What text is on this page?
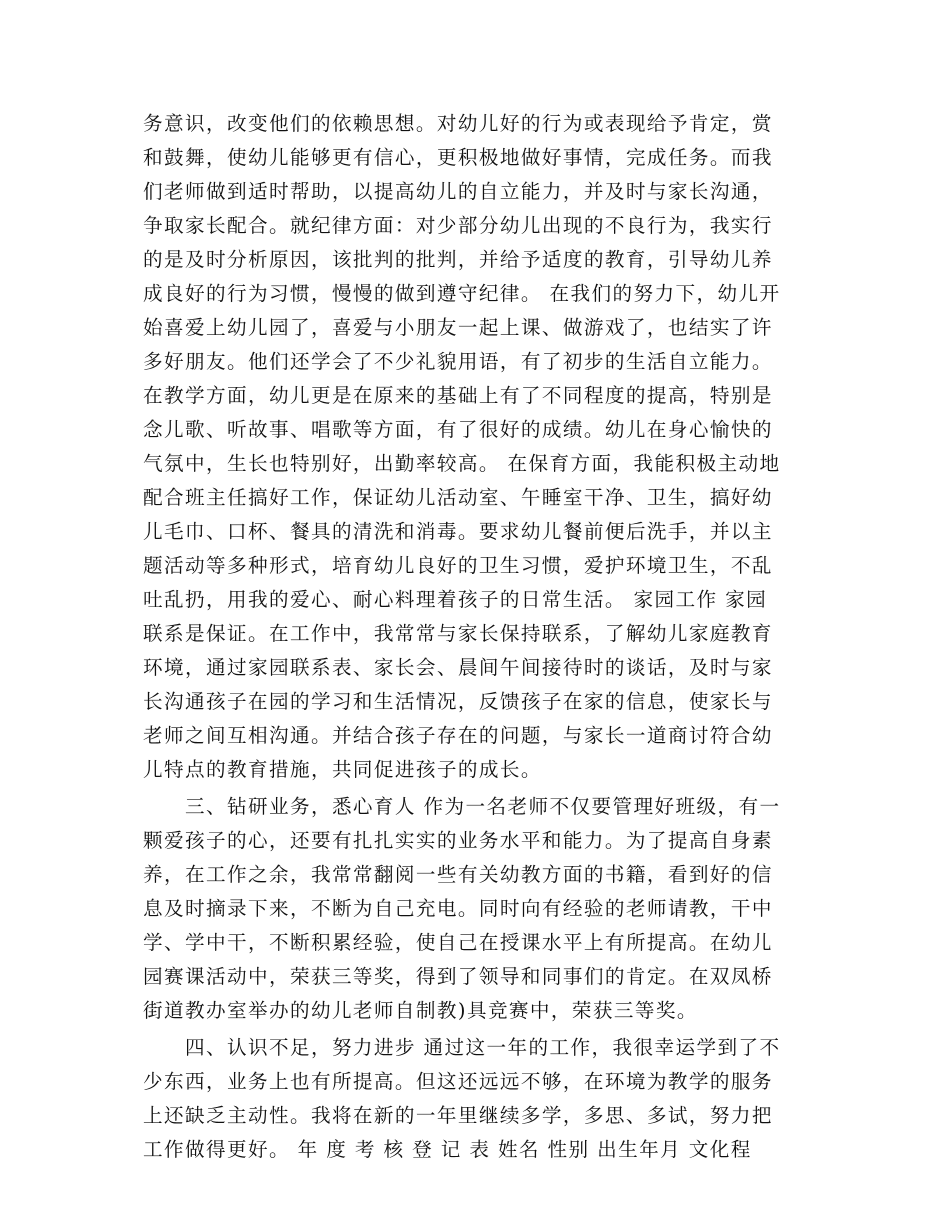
务意识，改变他们的依赖思想。对幼儿好的行为或表现给予肯定，赏
和鼓舞，使幼儿能够更有信心，更积极地做好事情，完成任务。而我
们老师做到适时帮助，以提高幼儿的自立能力，并及时与家长沟通，
争取家长配合。就纪律方面：对少部分幼儿出现的不良行为，我实行
的是及时分析原因，该批判的批判，并给予适度的教育，引导幼儿养
成良好的行为习惯，慢慢的做到遵守纪律。 在我们的努力下，幼儿开
始喜爱上幼儿园了，喜爱与小朋友一起上课、做游戏了，也结实了许
多好朋友。他们还学会了不少礼貌用语，有了初步的生活自立能力。
在教学方面，幼儿更是在原来的基础上有了不同程度的提高，特别是
念儿歌、听故事、唱歌等方面，有了很好的成绩。幼儿在身心愉快的
气氛中，生长也特别好，出勤率较高。 在保育方面，我能积极主动地
配合班主任搞好工作，保证幼儿活动室、午睡室干净、卫生，搞好幼
儿毛巾、口杯、餐具的清洗和消毒。要求幼儿餐前便后洗手，并以主
题活动等多种形式，培育幼儿良好的卫生习惯，爱护环境卫生，不乱
吐乱扔，用我的爱心、耐心料理着孩子的日常生活。 家园工作 家园
联系是保证。在工作中，我常常与家长保持联系，了解幼儿家庭教育
环境，通过家园联系表、家长会、晨间午间接待时的谈话，及时与家
长沟通孩子在园的学习和生活情况，反馈孩子在家的信息，使家长与
老师之间互相沟通。并结合孩子存在的问题，与家长一道商讨符合幼
儿特点的教育措施，共同促进孩子的成长。
　　三、钻研业务，悉心育人 作为一名老师不仅要管理好班级，有一
颗爱孩子的心，还要有扎扎实实的业务水平和能力。为了提高自身素
养，在工作之余，我常常翻阅一些有关幼教方面的书籍，看到好的信
息及时摘录下来，不断为自己充电。同时向有经验的老师请教，干中
学、学中干，不断积累经验，使自己在授课水平上有所提高。在幼儿
园赛课活动中，荣获三等奖，得到了领导和同事们的肯定。在双凤桥
街道教办室举办的幼儿老师自制教)具竞赛中，荣获三等奖。
　　四、认识不足，努力进步 通过这一年的工作，我很幸运学到了不
少东西，业务上也有所提高。但这还远远不够，在环境为教学的服务
上还缺乏主动性。我将在新的一年里继续多学，多思、多试，努力把
工作做得更好。 年 度 考 核 登 记 表 姓名 性别 出生年月 文化程
